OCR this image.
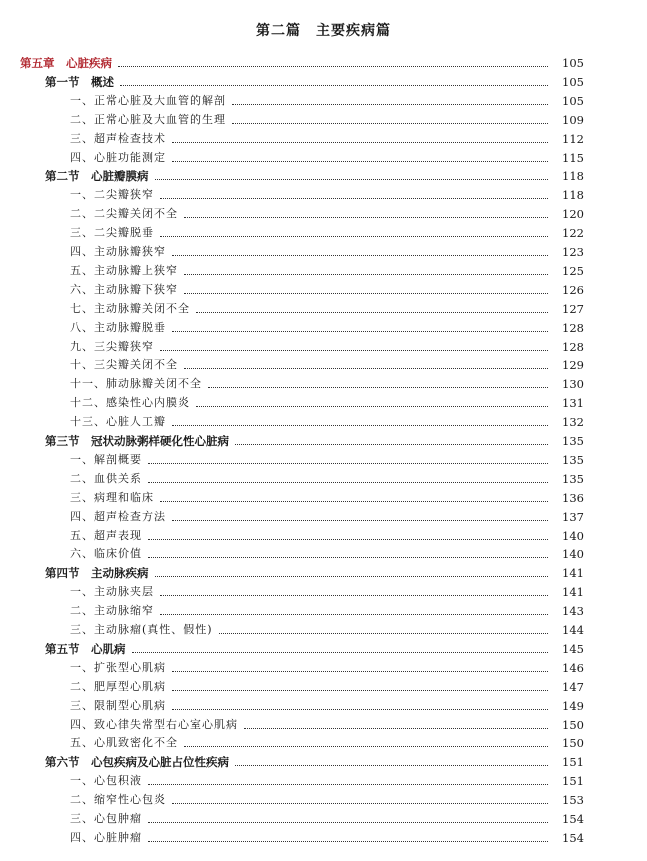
第二篇　主要疾病篇
第五章　心脏疾病	105
第一节　概述	105
一、正常心脏及大血管的解剖	105
二、正常心脏及大血管的生理	109
三、超声检查技术	112
四、心脏功能测定	115
第二节　心脏瓣膜病	118
一、二尖瓣狭窄	118
二、二尖瓣关闭不全	120
三、二尖瓣脱垂	122
四、主动脉瓣狭窄	123
五、主动脉瓣上狭窄	125
六、主动脉瓣下狭窄	126
七、主动脉瓣关闭不全	127
八、主动脉瓣脱垂	128
九、三尖瓣狭窄	128
十、三尖瓣关闭不全	129
十一、肺动脉瓣关闭不全	130
十二、感染性心内膜炎	131
十三、心脏人工瓣	132
第三节　冠状动脉粥样硬化性心脏病	135
一、解剖概要	135
二、血供关系	135
三、病理和临床	136
四、超声检查方法	137
五、超声表现	140
六、临床价值	140
第四节　主动脉疾病	141
一、主动脉夹层	141
二、主动脉缩窄	143
三、主动脉瘤(真性、假性)	144
第五节　心肌病	145
一、扩张型心肌病	146
二、肥厚型心肌病	147
三、限制型心肌病	149
四、致心律失常型右心室心肌病	150
五、心肌致密化不全	150
第六节　心包疾病及心脏占位性疾病	151
一、心包积液	151
二、缩窄性心包炎	153
三、心包肿瘤	154
四、心脏肿瘤	154
